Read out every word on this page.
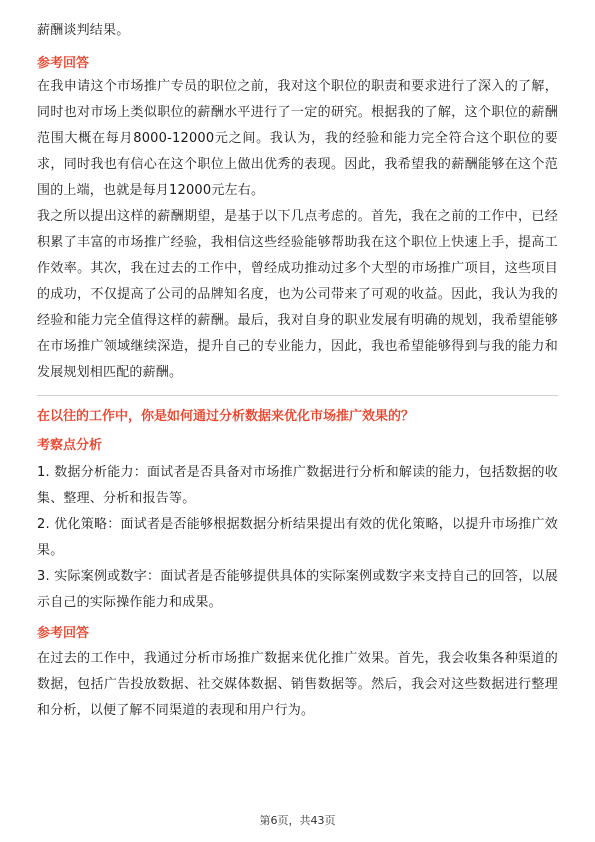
薪酬谈判结果。

参考回答

在我申请这个市场推广专员的职位之前，我对这个职位的职责和要求进行了深入的了解，同时也对市场上类似职位的薪酬水平进行了一定的研究。根据我的了解，这个职位的薪酬范围大概在每月8000-12000元之间。我认为，我的经验和能力完全符合这个职位的要求，同时我也有信心在这个职位上做出优秀的表现。因此，我希望我的薪酬能够在这个范围的上端，也就是每月12000元左右。

我之所以提出这样的薪酬期望，是基于以下几点考虑的。首先，我在之前的工作中，已经积累了丰富的市场推广经验，我相信这些经验能够帮助我在这个职位上快速上手，提高工作效率。其次，我在过去的工作中，曾经成功推动过多个大型的市场推广项目，这些项目的成功，不仅提高了公司的品牌知名度，也为公司带来了可观的收益。因此，我认为我的经验和能力完全值得这样的薪酬。最后，我对自身的职业发展有明确的规划，我希望能够在市场推广领域继续深造，提升自己的专业能力，因此，我也希望能够得到与我的能力和发展规划相匹配的薪酬。

在以往的工作中，你是如何通过分析数据来优化市场推广效果的？

考察点分析

1. 数据分析能力：面试者是否具备对市场推广数据进行分析和解读的能力，包括数据的收集、整理、分析和报告等。

2. 优化策略：面试者是否能够根据数据分析结果提出有效的优化策略，以提升市场推广效果。

3. 实际案例或数字：面试者是否能够提供具体的实际案例或数字来支持自己的回答，以展示自己的实际操作能力和成果。

参考回答

在过去的工作中，我通过分析市场推广数据来优化推广效果。首先，我会收集各种渠道的数据，包括广告投放数据、社交媒体数据、销售数据等。然后，我会对这些数据进行整理和分析，以便了解不同渠道的表现和用户行为。

第6页，共43页
